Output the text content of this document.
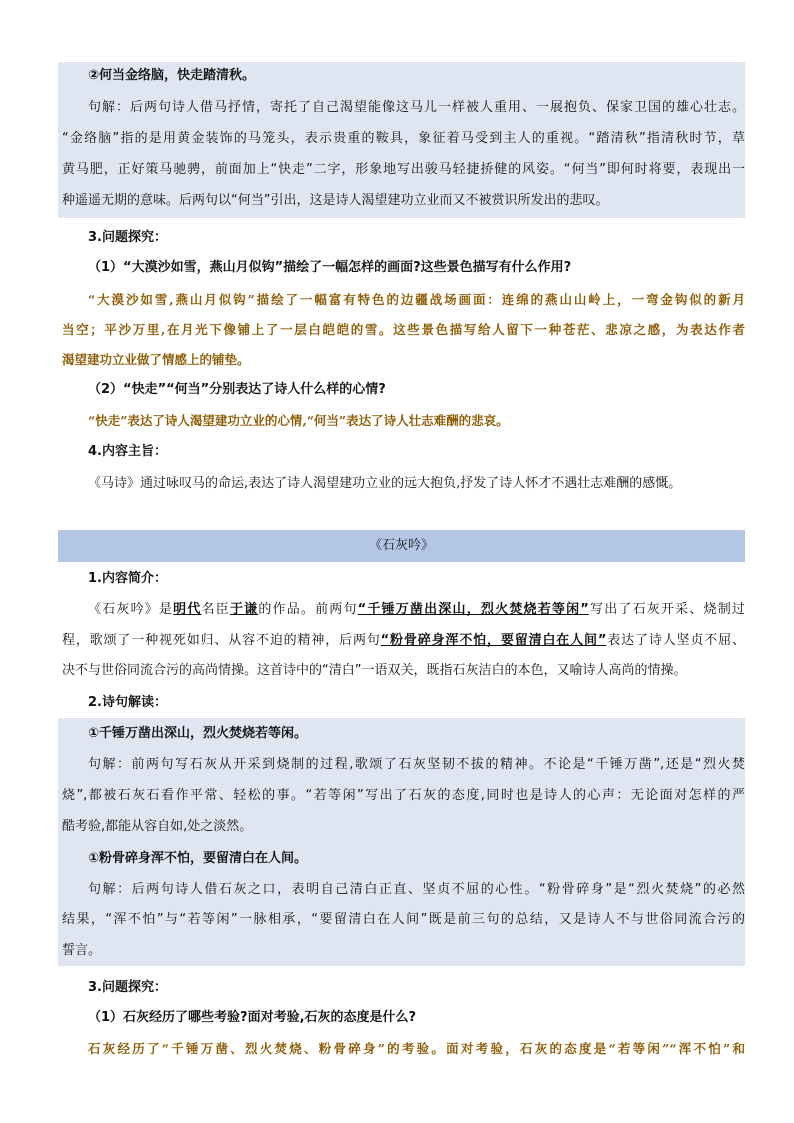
②何当金络脑，快走踏清秋。
句解：后两句诗人借马抒情，寄托了自己渴望能像这马儿一样被人重用、一展抱负、保家卫国的雄心壮志。
“金络脑”指的是用黄金装饰的马笼头，表示贵重的鞍具，象征着马受到主人的重视。“踏清秋”指清秋时节，草
黄马肥，正好策马驰骋，前面加上“快走”二字，形象地写出骏马轻捷挢健的风姿。“何当”即何时将要，表现出一
种遥遥无期的意味。后两句以“何当”引出，这是诗人渴望建功立业而又不被赏识所发出的悲叹。
3.问题探究：
（1）“大漠沙如雪，燕山月似钩”描绘了一幅怎样的画面?这些景色描写有什么作用?
“大漠沙如雪,燕山月似钩”描绘了一幅富有特色的边疆战场画面：连绵的燕山山岭上，一弯金钩似的新月
当空；平沙万里,在月光下像铺上了一层白皑皑的雪。这些景色描写给人留下一种苍茫、悲凉之感，为表达作者
渴望建功立业做了情感上的铺垫。
（2）“快走”“何当”分别表达了诗人什么样的心情?
“快走”表达了诗人渴望建功立业的心情,“何当”表达了诗人壮志难酬的悲哀。
4.内容主旨：
《马诗》通过咏叹马的命运,表达了诗人渴望建功立业的远大抱负,抒发了诗人怀才不遇壮志难酬的感慨。
《石灰吟》
1.内容简介：
《石灰吟》是明代名臣于谦的作品。前两句“千锤万凿出深山，烈火焚烧若等闲”写出了石灰开采、烧制过
程，歌颂了一种视死如归、从容不迫的精神，后两句“粉骨碎身浑不怕，要留清白在人间”表达了诗人坚贞不屈、
决不与世俗同流合污的高尚情操。这首诗中的“清白”一语双关，既指石灰洁白的本色，又喻诗人高尚的情操。
2.诗句解读：
①千锤万凿出深山，烈火焚烧若等闲。
句解：前两句写石灰从开采到烧制的过程,歌颂了石灰坚韧不拔的精神。不论是“千锤万凿”,还是“烈火焚
烧”,都被石灰石看作平常、轻松的事。“若等闲”写出了石灰的态度,同时也是诗人的心声：无论面对怎样的严
酷考验,都能从容自如,处之淡然。
①粉骨碎身浑不怕，要留清白在人间。
句解：后两句诗人借石灰之口，表明自己清白正直、坚贞不屈的心性。“粉骨碎身”是“烈火焚烧”的必然
结果，“浑不怕”与“若等闲”一脉相承，“要留清白在人间”既是前三句的总结，又是诗人不与世俗同流合污的
誓言。
3.问题探究：
（1）石灰经历了哪些考验?面对考验,石灰的态度是什么?
石灰经历了“千锤万凿、烈火焚烧、粉骨碎身”的考验。面对考验，石灰的态度是“若等闲”“浑不怕”和
